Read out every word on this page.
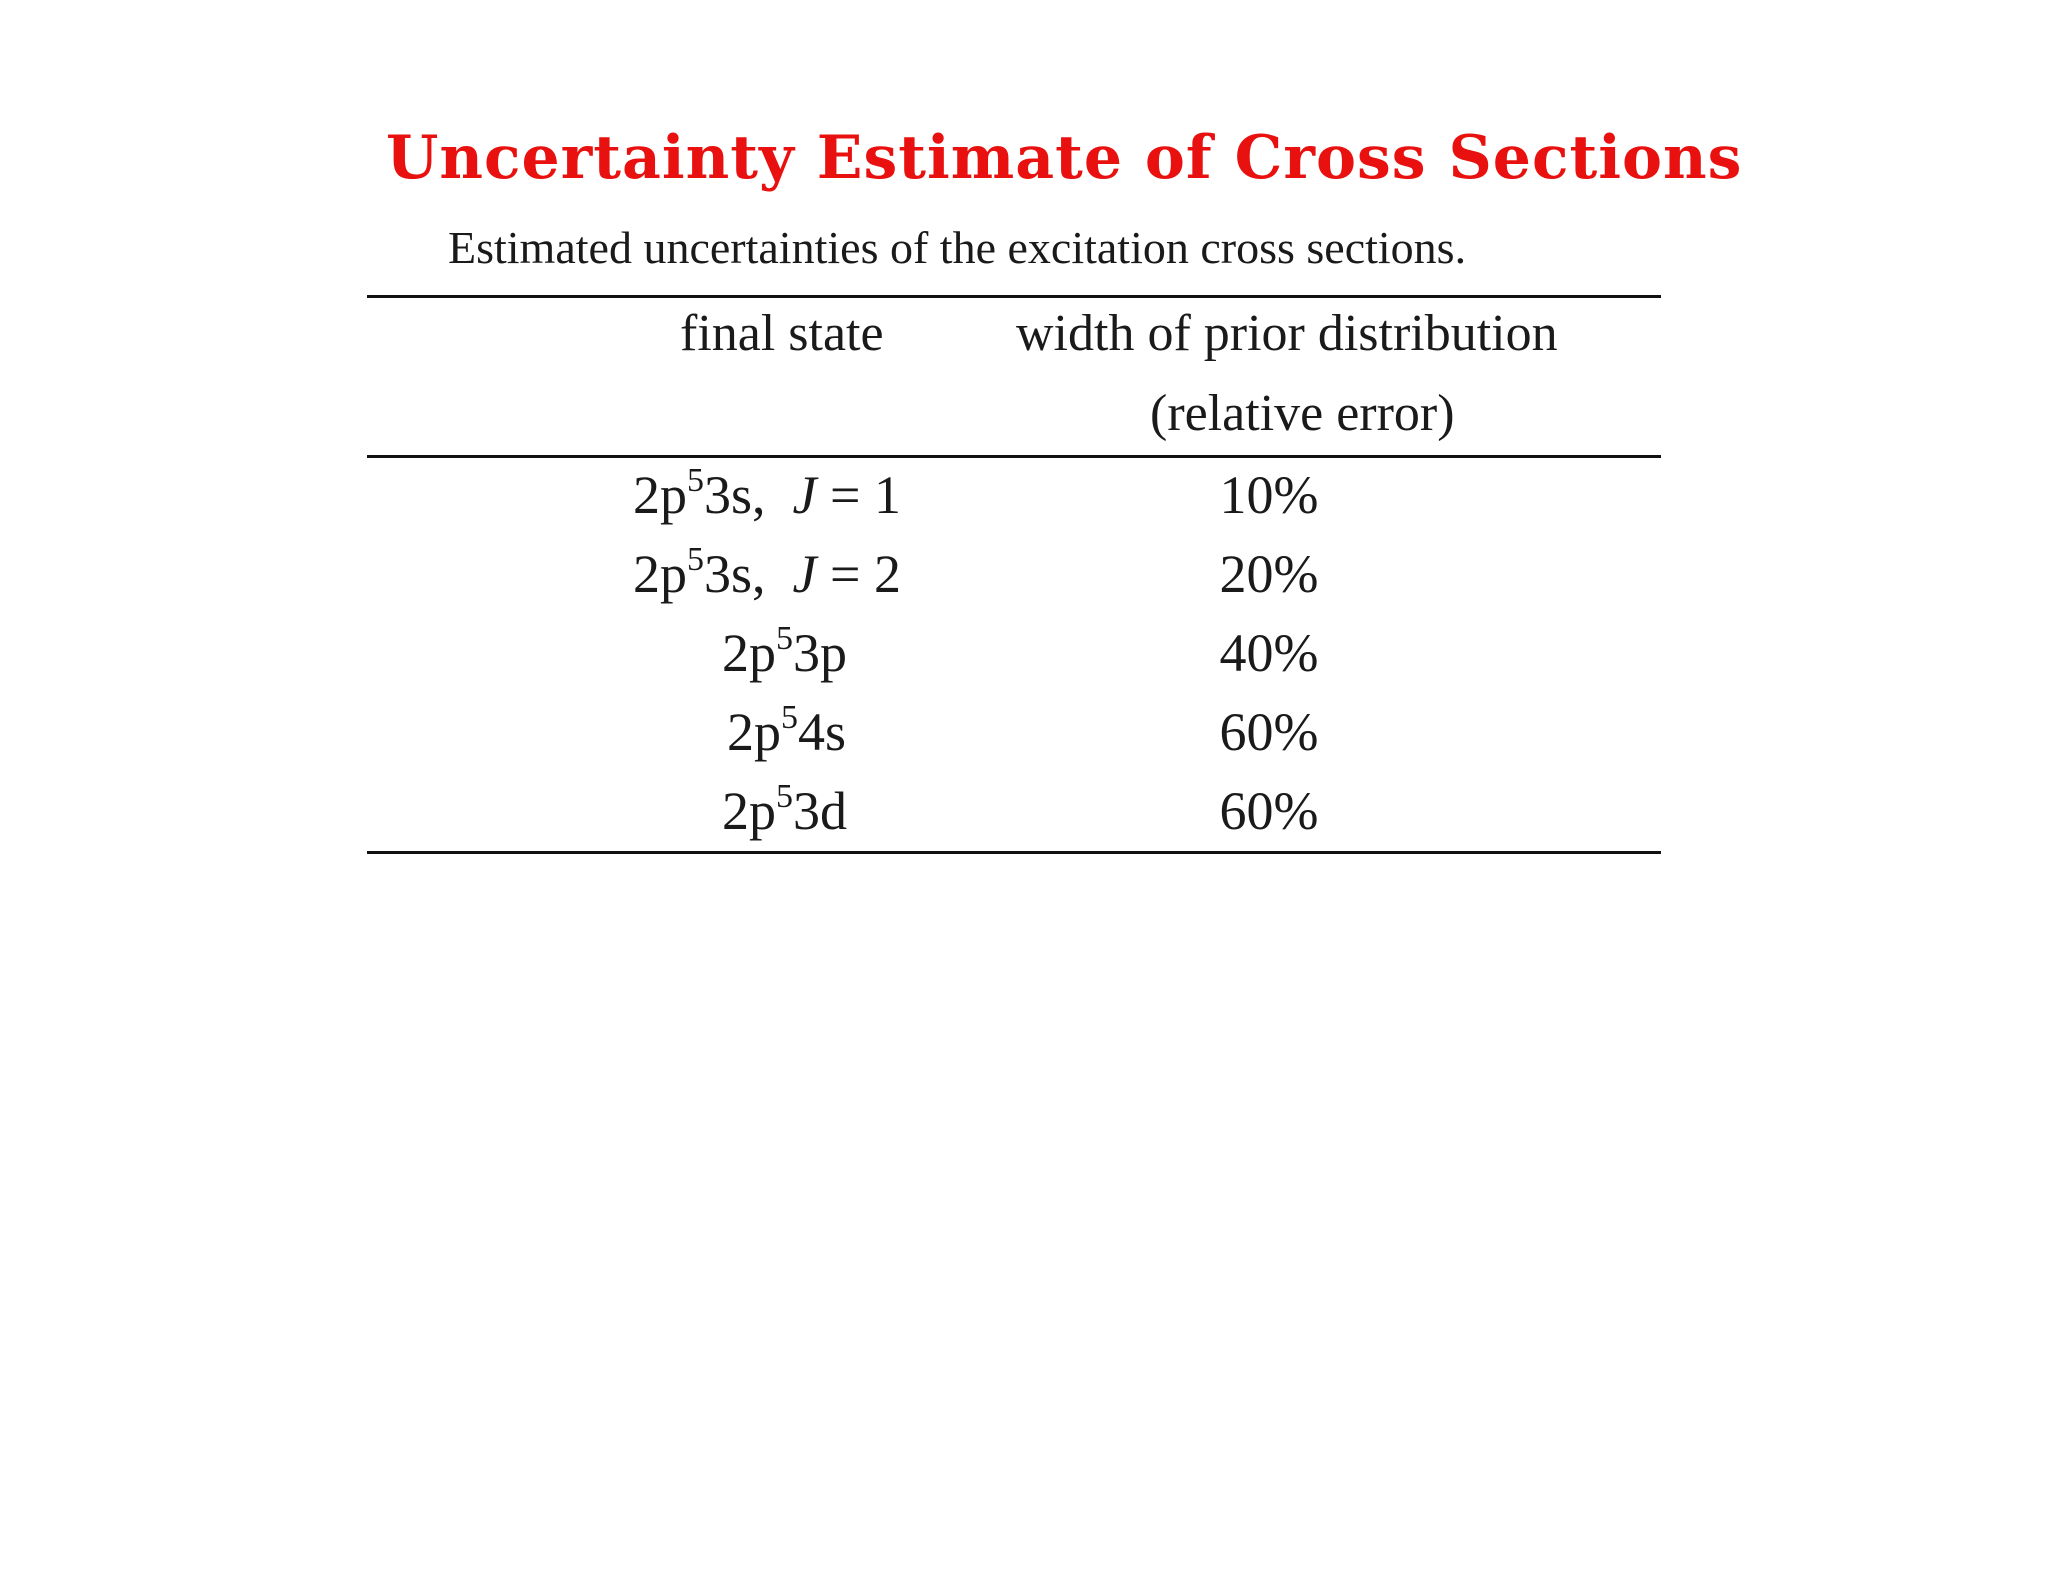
Uncertainty Estimate of Cross Sections
Estimated uncertainties of the excitation cross sections.
final state	width of prior distribution
(relative error)
$2p^53s$, J = 1	10%
$2p^53s$, J = 2	20%
$2p^53p$	40%
$2p^54s$	60%
$2p^53d$	60%
